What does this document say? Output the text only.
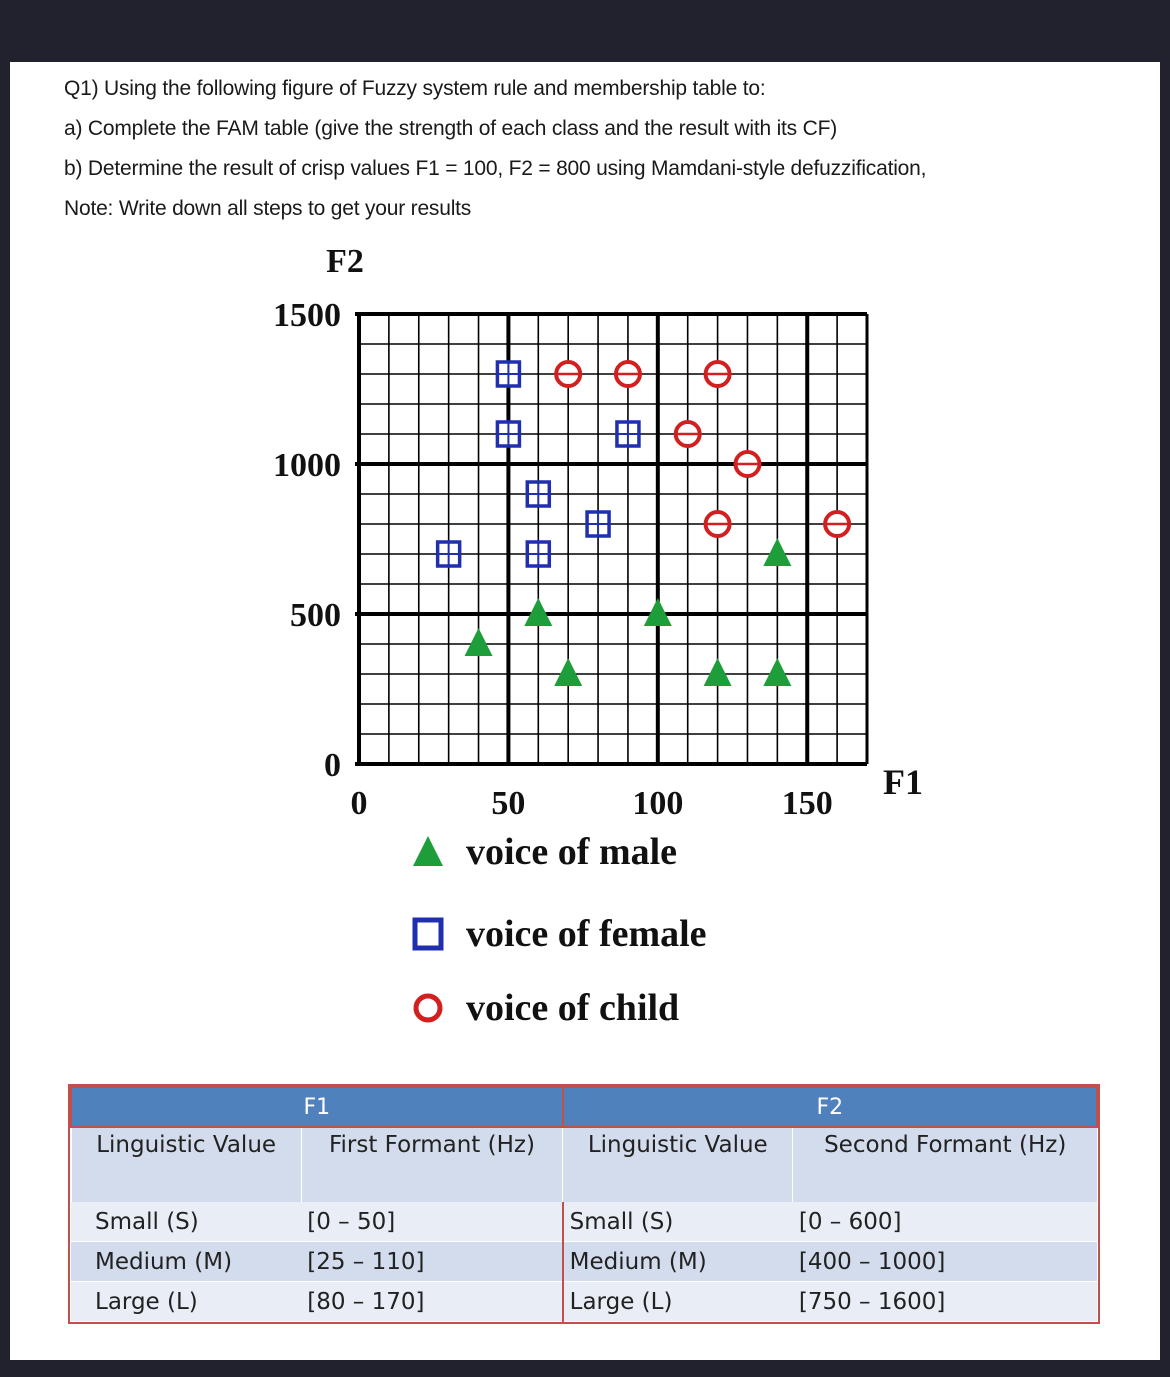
Q1) Using the following figure of Fuzzy system rule and membership table to:
a) Complete the FAM table (give the strength of each class and the result with its CF)
b) Determine the result of crisp values F1 = 100, F2 = 800 using Mamdani-style defuzzification,
Note: Write down all steps to get your results
0	50	100	150
0
500
1000
1500
F2
F1
voice of male
voice of female
voice of child
F1		F2	
Linguistic Value	First Formant (Hz)	Linguistic Value	Second Formant (Hz)
Small (S)	[0 – 50]	Small (S)	[0 – 600]
Medium (M)	[25 – 110]	Medium (M)	[400 – 1000]
Large (L)	[80 – 170]	Large (L)	[750 – 1600]
